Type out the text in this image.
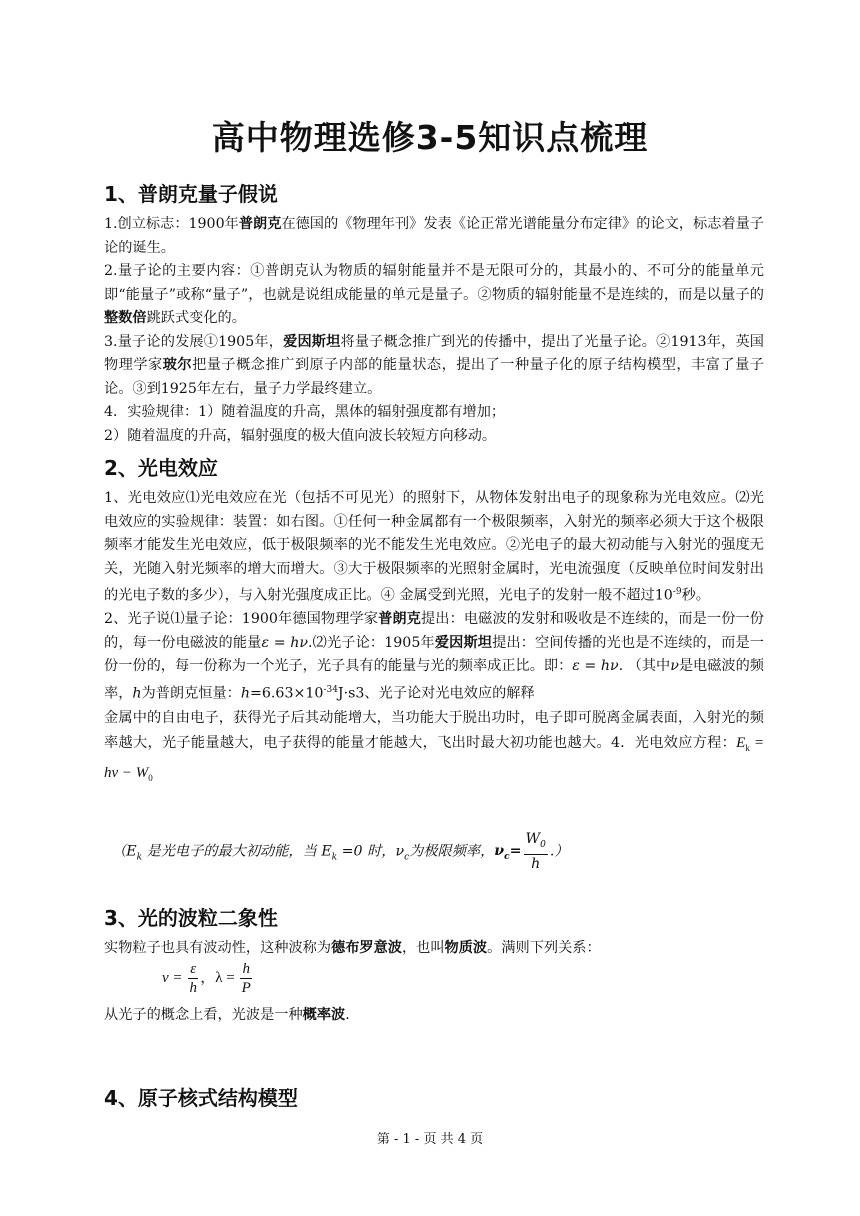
高中物理选修3-5知识点梳理
1、普朗克量子假说

1.创立标志：1900年普朗克在德国的《物理年刊》发表《论正常光谱能量分布定律》的论文，标志着量子论的诞生。

2.量子论的主要内容：①普朗克认为物质的辐射能量并不是无限可分的，其最小的、不可分的能量单元即“能量子”或称“量子”，也就是说组成能量的单元是量子。②物质的辐射能量不是连续的，而是以量子的整数倍跳跃式变化的。

3.量子论的发展①1905年，爱因斯坦将量子概念推广到光的传播中，提出了光量子论。②1913年，英国物理学家玻尔把量子概念推广到原子内部的能量状态，提出了一种量子化的原子结构模型，丰富了量子论。③到1925年左右，量子力学最终建立。

4．实验规律：1）随着温度的升高，黑体的辐射强度都有增加；

2）随着温度的升高，辐射强度的极大值向波长较短方向移动。

2、光电效应

1、光电效应⑴光电效应在光（包括不可见光）的照射下，从物体发射出电子的现象称为光电效应。⑵光电效应的实验规律：装置：如右图。①任何一种金属都有一个极限频率，入射光的频率必须大于这个极限频率才能发生光电效应，低于极限频率的光不能发生光电效应。②光电子的最大初动能与入射光的强度无关，光随入射光频率的增大而增大。③大于极限频率的光照射金属时，光电流强度（反映单位时间发射出的光电子数的多少），与入射光强度成正比。④ 金属受到光照，光电子的发射一般不超过$10^{-9}$秒。

2、光子说⑴量子论：1900年德国物理学家普朗克提出：电磁波的发射和吸收是不连续的，而是一份一份的，每一份电磁波的能量ε = hν.⑵光子论：1905年爱因斯坦提出：空间传播的光也是不连续的，而是一份一份的，每一份称为一个光子，光子具有的能量与光的频率成正比。即：ε = hν. （其中ν是电磁波的频率，h为普朗克恒量：$h=6.63\times 10^{-34}J\cdot s3$、光子论对光电效应的解释

金属中的自由电子，获得光子后其动能增大，当功能大于脱出功时，电子即可脱离金属表面，入射光的频率越大，光子能量越大，电子获得的能量才能越大，飞出时最大初功能也越大。4．光电效应方程：$E_k = h\nu - W_0$

（$E_k$ 是光电子的最大初动能，当 $E_k =0$ 时，$\nu_c$为极限频率，$\nu_c= \frac{W_0}{h}$ .）
3、光的波粒二象性

实物粒子也具有波动性，这种波称为德布罗意波，也叫物质波。满则下列关系：

$\nu = \frac{\varepsilon}{h}$ ，$\lambda = \frac{h}{P}$

从光子的概念上看，光波是一种概率波.

4、原子核式结构模型
第 - 1 - 页 共 4 页
